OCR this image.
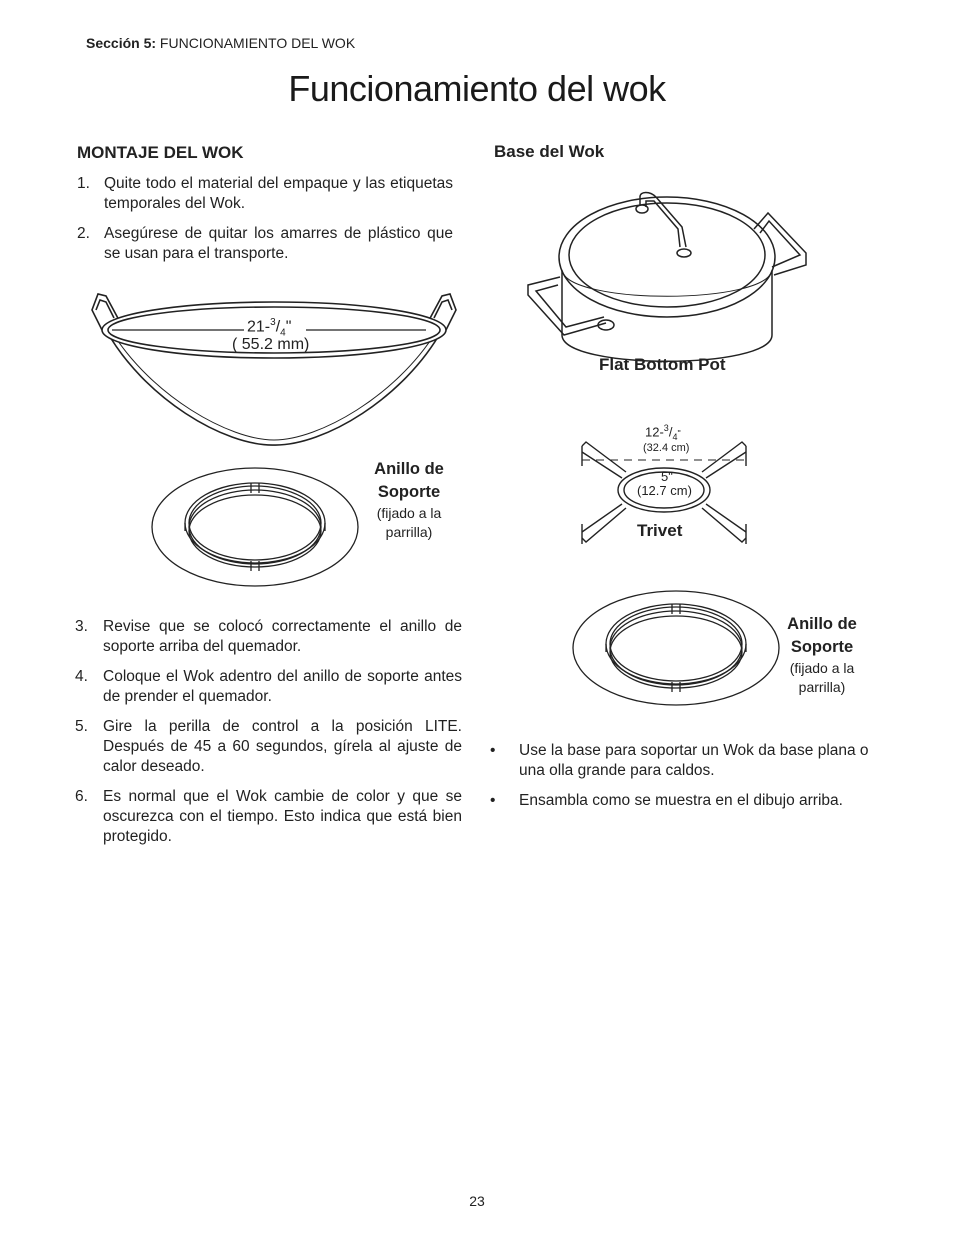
Sección 5: FUNCIONAMIENTO DEL WOK
Funcionamiento del wok
MONTAJE DEL WOK
1. Quite todo el material del empaque y las etiquetas temporales del Wok.
2. Asegúrese de quitar los amarres de plástico que se usan para el transporte.
$21-^3/_4$"
( 55.2 mm)
Anillo de
Soporte
(fijado a la
parrilla)
3. Revise que se colocó correctamente el anillo de soporte arriba del quemador.
4. Coloque el Wok adentro del anillo de soporte antes de prender el quemador.
5. Gire la perilla de control a la posición LITE. Después de 45 a 60 segundos, gírela al ajuste de calor deseado.
6. Es normal que el Wok cambie de color y que se oscurezca con el tiempo. Esto indica que está bien protegido.
Base del Wok
Flat Bottom Pot
$12-^3/_4$"
(32.4 cm)
5"
(12.7 cm)
Trivet
Anillo de
Soporte
(fijado a la
parrilla)
• Use la base para soportar un Wok da base plana o una olla grande para caldos.
• Ensambla como se muestra en el dibujo arriba.
23
